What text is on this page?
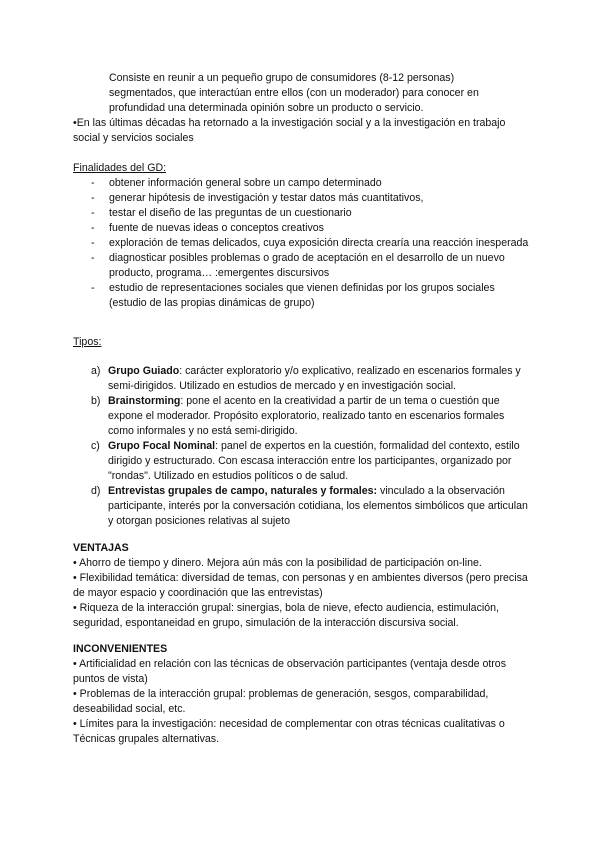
Consiste en reunir a un pequeño grupo de consumidores (8-12 personas) segmentados, que interactúan entre ellos (con un moderador) para conocer en profundidad una determinada opinión sobre un producto o servicio.
•En las últimas décadas ha retornado a la investigación social y a la investigación en trabajo social y servicios sociales
Finalidades del GD:
- obtener información general sobre un campo determinado
- generar hipótesis de investigación y testar datos más cuantitativos,
- testar el diseño de las preguntas de un cuestionario
- fuente de nuevas ideas o conceptos creativos
- exploración de temas delicados, cuya exposición directa crearía una reacción inesperada
- diagnosticar posibles problemas o grado de aceptación en el desarrollo de un nuevo producto, programa… :emergentes discursivos
- estudio de representaciones sociales que vienen definidas por los grupos sociales (estudio de las propias dinámicas de grupo)
Tipos:
a) Grupo Guiado: carácter exploratorio y/o explicativo, realizado en escenarios formales y semi-dirigidos. Utilizado en estudios de mercado y en investigación social.
b) Brainstorming: pone el acento en la creatividad a partir de un tema o cuestión que expone el moderador. Propósito exploratorio, realizado tanto en escenarios formales como informales y no está semi-dirigido.
c) Grupo Focal Nominal: panel de expertos en la cuestión, formalidad del contexto, estilo dirigido y estructurado. Con escasa interacción entre los participantes, organizado por "rondas". Utilizado en estudios políticos o de salud.
d) Entrevistas grupales de campo, naturales y formales: vinculado a la observación participante, interés por la conversación cotidiana, los elementos simbólicos que articulan y otorgan posiciones relativas al sujeto
VENTAJAS

• Ahorro de tiempo y dinero. Mejora aún más con la posibilidad de participación on-line.

• Flexibilidad temática: diversidad de temas, con personas y en ambientes diversos (pero precisa de mayor espacio y coordinación que las entrevistas)

• Riqueza de la interacción grupal: sinergias, bola de nieve, efecto audiencia, estimulación, seguridad, espontaneidad en grupo, simulación de la interacción discursiva social.

INCONVENIENTES

• Artificialidad en relación con las técnicas de observación participantes (ventaja desde otros puntos de vista)

• Problemas de la interacción grupal: problemas de generación, sesgos, comparabilidad, deseabilidad social, etc.

• Límites para la investigación: necesidad de complementar con otras técnicas cualitativas o Técnicas grupales alternativas.
